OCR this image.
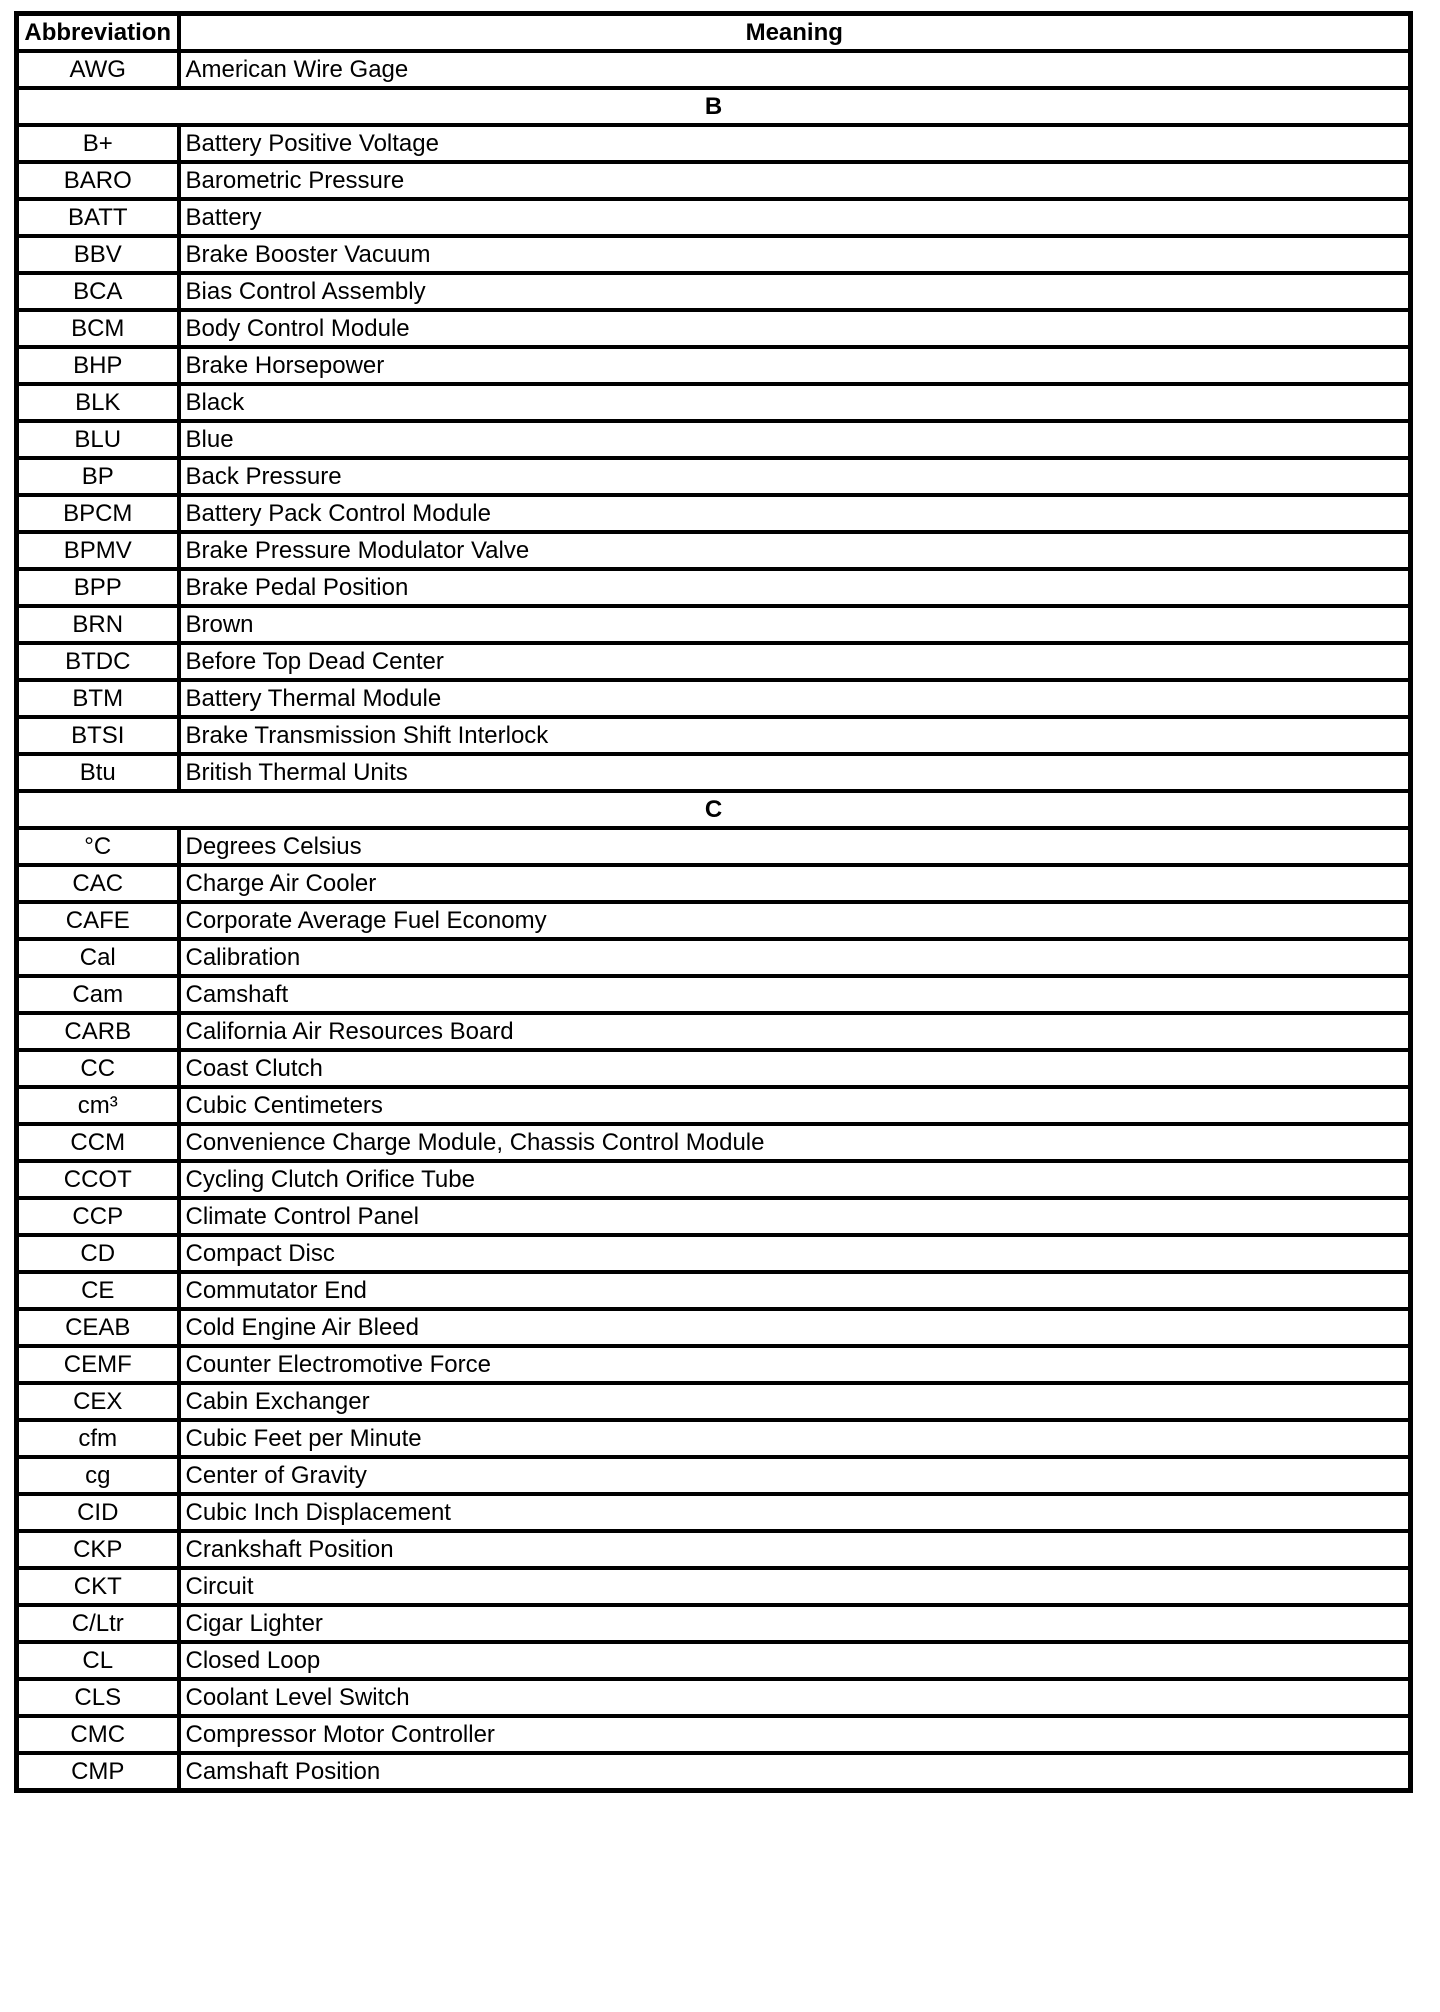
Abbreviation	Meaning
AWG	American Wire Gage
B	
B+	Battery Positive Voltage
BARO	Barometric Pressure
BATT	Battery
BBV	Brake Booster Vacuum
BCA	Bias Control Assembly
BCM	Body Control Module
BHP	Brake Horsepower
BLK	Black
BLU	Blue
BP	Back Pressure
BPCM	Battery Pack Control Module
BPMV	Brake Pressure Modulator Valve
BPP	Brake Pedal Position
BRN	Brown
BTDC	Before Top Dead Center
BTM	Battery Thermal Module
BTSI	Brake Transmission Shift Interlock
Btu	British Thermal Units
C	
°C	Degrees Celsius
CAC	Charge Air Cooler
CAFE	Corporate Average Fuel Economy
Cal	Calibration
Cam	Camshaft
CARB	California Air Resources Board
CC	Coast Clutch
cm³	Cubic Centimeters
CCM	Convenience Charge Module, Chassis Control Module
CCOT	Cycling Clutch Orifice Tube
CCP	Climate Control Panel
CD	Compact Disc
CE	Commutator End
CEAB	Cold Engine Air Bleed
CEMF	Counter Electromotive Force
CEX	Cabin Exchanger
cfm	Cubic Feet per Minute
cg	Center of Gravity
CID	Cubic Inch Displacement
CKP	Crankshaft Position
CKT	Circuit
C/Ltr	Cigar Lighter
CL	Closed Loop
CLS	Coolant Level Switch
CMC	Compressor Motor Controller
CMP	Camshaft Position
